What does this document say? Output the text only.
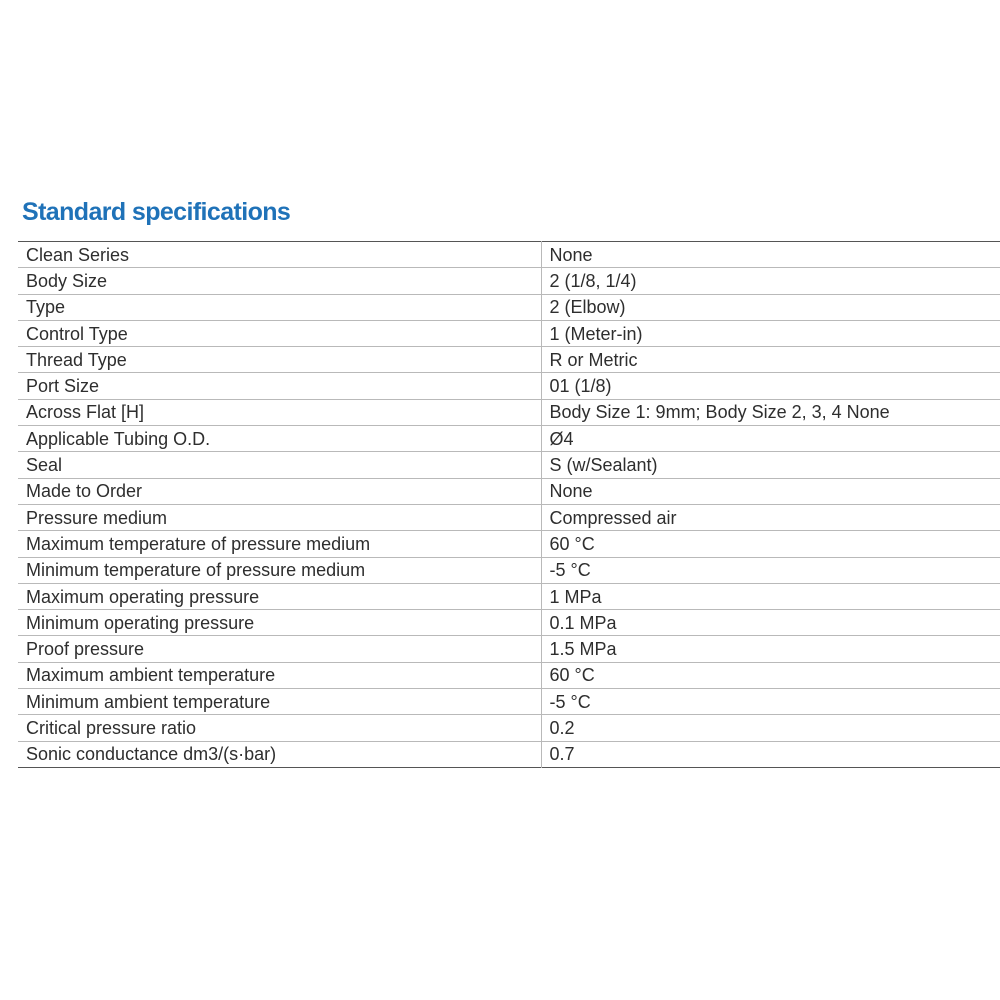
Standard specifications
Clean Series	None
Body Size	2 (1/8, 1/4)
Type	2 (Elbow)
Control Type	1 (Meter-in)
Thread Type	R or Metric
Port Size	01 (1/8)
Across Flat [H]	Body Size 1: 9mm; Body Size 2, 3, 4 None
Applicable Tubing O.D.	Ø4
Seal	S (w/Sealant)
Made to Order	None
Pressure medium	Compressed air
Maximum temperature of pressure medium	60 °C
Minimum temperature of pressure medium	-5 °C
Maximum operating pressure	1 MPa
Minimum operating pressure	0.1 MPa
Proof pressure	1.5 MPa
Maximum ambient temperature	60 °C
Minimum ambient temperature	-5 °C
Critical pressure ratio	0.2
Sonic conductance dm3/(s·bar)	0.7
